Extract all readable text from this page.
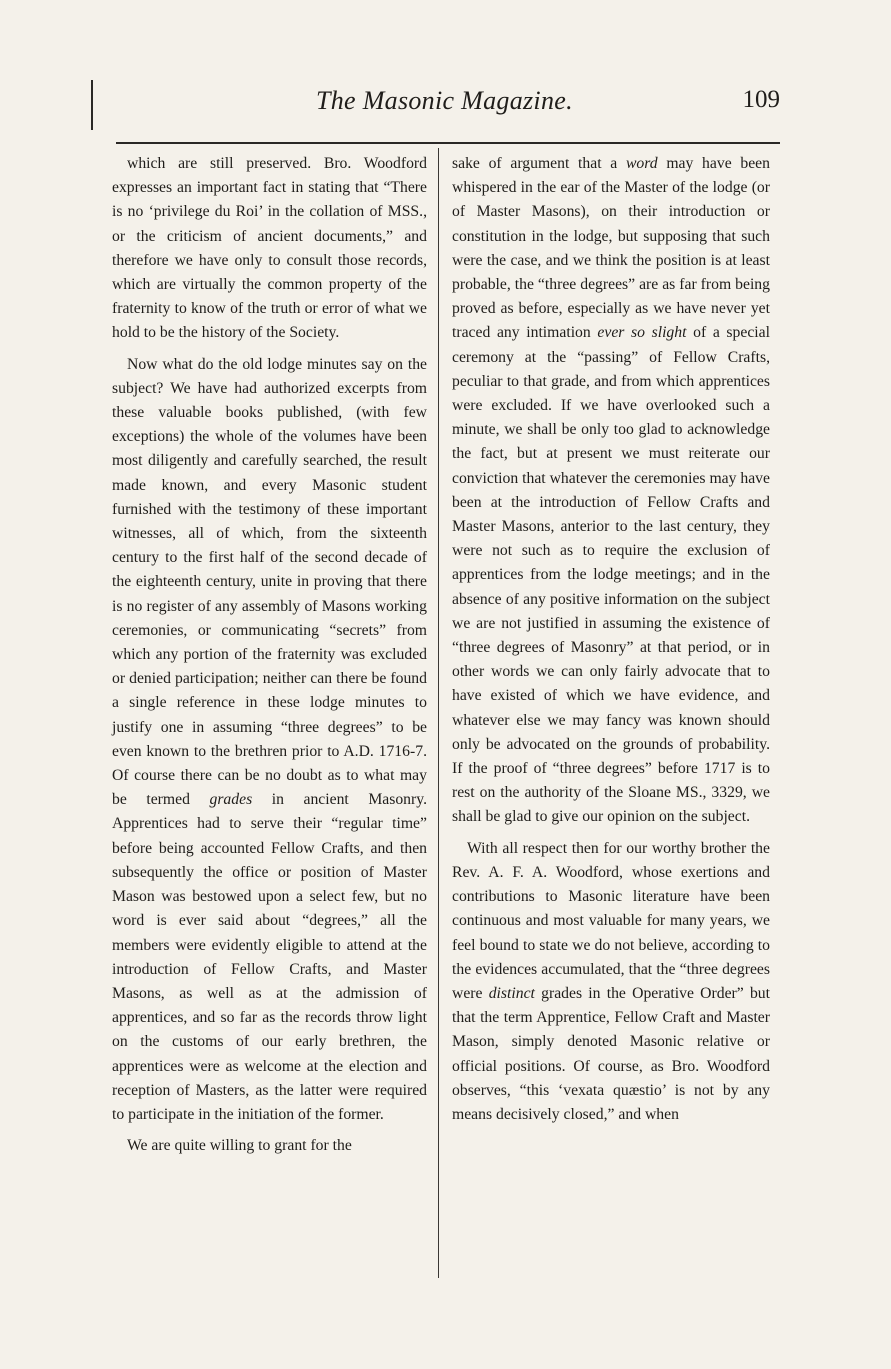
The Masonic Magazine.	109

which are still preserved. Bro. Woodford expresses an important fact in stating that “There is no ‘privilege du Roi’ in the collation of MSS., or the criticism of ancient documents,” and therefore we have only to consult those records, which are virtually the common property of the fraternity to know of the truth or error of what we hold to be the history of the Society.

Now what do the old lodge minutes say on the subject? We have had authorized excerpts from these valuable books published, (with few exceptions) the whole of the volumes have been most diligently and carefully searched, the result made known, and every Masonic student furnished with the testimony of these important witnesses, all of which, from the sixteenth century to the first half of the second decade of the eighteenth century, unite in proving that there is no register of any assembly of Masons working ceremonies, or communicating “secrets” from which any portion of the fraternity was excluded or denied participation; neither can there be found a single reference in these lodge minutes to justify one in assuming “three degrees” to be even known to the brethren prior to A.D. 1716-7. Of course there can be no doubt as to what may be termed grades in ancient Masonry. Apprentices had to serve their “regular time” before being accounted Fellow Crafts, and then subsequently the office or position of Master Mason was bestowed upon a select few, but no word is ever said about “degrees,” all the members were evidently eligible to attend at the introduction of Fellow Crafts, and Master Masons, as well as at the admission of apprentices, and so far as the records throw light on the customs of our early brethren, the apprentices were as welcome at the election and reception of Masters, as the latter were required to participate in the initiation of the former.

We are quite willing to grant for the

sake of argument that a word may have been whispered in the ear of the Master of the lodge (or of Master Masons), on their introduction or constitution in the lodge, but supposing that such were the case, and we think the position is at least probable, the “three degrees” are as far from being proved as before, especially as we have never yet traced any intimation ever so slight of a special ceremony at the “passing” of Fellow Crafts, peculiar to that grade, and from which apprentices were excluded. If we have overlooked such a minute, we shall be only too glad to acknowledge the fact, but at present we must reiterate our conviction that whatever the ceremonies may have been at the introduction of Fellow Crafts and Master Masons, anterior to the last century, they were not such as to require the exclusion of apprentices from the lodge meetings; and in the absence of any positive information on the subject we are not justified in assuming the existence of “three degrees of Masonry” at that period, or in other words we can only fairly advocate that to have existed of which we have evidence, and whatever else we may fancy was known should only be advocated on the grounds of probability. If the proof of “three degrees” before 1717 is to rest on the authority of the Sloane MS., 3329, we shall be glad to give our opinion on the subject.

With all respect then for our worthy brother the Rev. A. F. A. Woodford, whose exertions and contributions to Masonic literature have been continuous and most valuable for many years, we feel bound to state we do not believe, according to the evidences accumulated, that the “three degrees were distinct grades in the Operative Order” but that the term Apprentice, Fellow Craft and Master Mason, simply denoted Masonic relative or official positions. Of course, as Bro. Woodford observes, “this ‘vexata quæstio’ is not by any means decisively closed,” and when
